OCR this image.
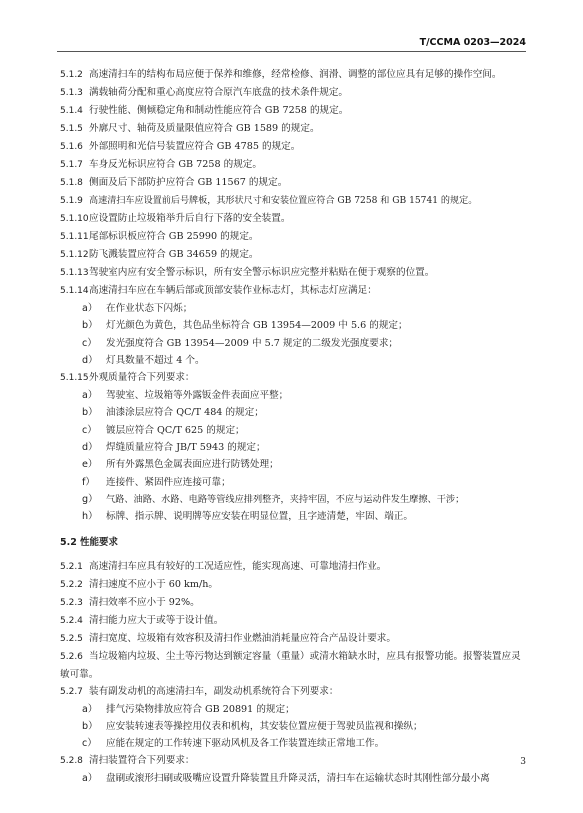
T/CCMA 0203—2024
5.1.2 高速清扫车的结构布局应便于保养和维修，经常检修、润滑、调整的部位应具有足够的操作空间。
5.1.3 满载轴荷分配和重心高度应符合原汽车底盘的技术条件规定。
5.1.4 行驶性能、侧倾稳定角和制动性能应符合 GB 7258 的规定。
5.1.5 外廓尺寸、轴荷及质量限值应符合 GB 1589 的规定。
5.1.6 外部照明和光信号装置应符合 GB 4785 的规定。
5.1.7 车身反光标识应符合 GB 7258 的规定。
5.1.8 侧面及后下部防护应符合 GB 11567 的规定。
5.1.9 高速清扫车应设置前后号牌板，其形状尺寸和安装位置应符合 GB 7258 和 GB 15741 的规定。
5.1.10应设置防止垃圾箱举升后自行下落的安全装置。
5.1.11尾部标识板应符合 GB 25990 的规定。
5.1.12防飞溅装置应符合 GB 34659 的规定。
5.1.13驾驶室内应有安全警示标识，所有安全警示标识应完整并粘贴在便于观察的位置。
5.1.14高速清扫车应在车辆后部或顶部安装作业标志灯，其标志灯应满足：
a） 在作业状态下闪烁；
b） 灯光颜色为黄色，其色品坐标符合 GB 13954—2009 中 5.6 的规定；
c） 发光强度符合 GB 13954—2009 中 5.7 规定的二级发光强度要求；
d） 灯具数量不超过 4 个。
5.1.15外观质量符合下列要求：
a） 驾驶室、垃圾箱等外露钣金件表面应平整；
b） 油漆涂层应符合 QC/T 484 的规定；
c） 镀层应符合 QC/T 625 的规定；
d） 焊缝质量应符合 JB/T 5943 的规定；
e） 所有外露黑色金属表面应进行防锈处理；
f） 连接件、紧固件应连接可靠；
g） 气路、油路、水路、电路等管线应排列整齐，夹持牢固，不应与运动件发生摩擦、干涉；
h） 标牌、指示牌、说明牌等应安装在明显位置，且字迹清楚，牢固、端正。
5.2 性能要求
5.2.1 高速清扫车应具有较好的工况适应性，能实现高速、可靠地清扫作业。
5.2.2 清扫速度不应小于 60 km/h。
5.2.3 清扫效率不应小于 92%。
5.2.4 清扫能力应大于或等于设计值。
5.2.5 清扫宽度、垃圾箱有效容积及清扫作业燃油消耗量应符合产品设计要求。
5.2.6 当垃圾箱内垃圾、尘土等污物达到额定容量（重量）或清水箱缺水时，应具有报警功能。报警装置应灵敏可靠。
5.2.7 装有副发动机的高速清扫车，副发动机系统符合下列要求：
a） 排气污染物排放应符合 GB 20891 的规定；
b） 应安装转速表等操控用仪表和机构，其安装位置应便于驾驶员监视和操纵；
c） 应能在规定的工作转速下驱动风机及各工作装置连续正常地工作。
5.2.8 清扫装置符合下列要求：
a） 盘刷或滚形扫刷或吸嘴应设置升降装置且升降灵活，清扫车在运输状态时其刚性部分最小离
3
